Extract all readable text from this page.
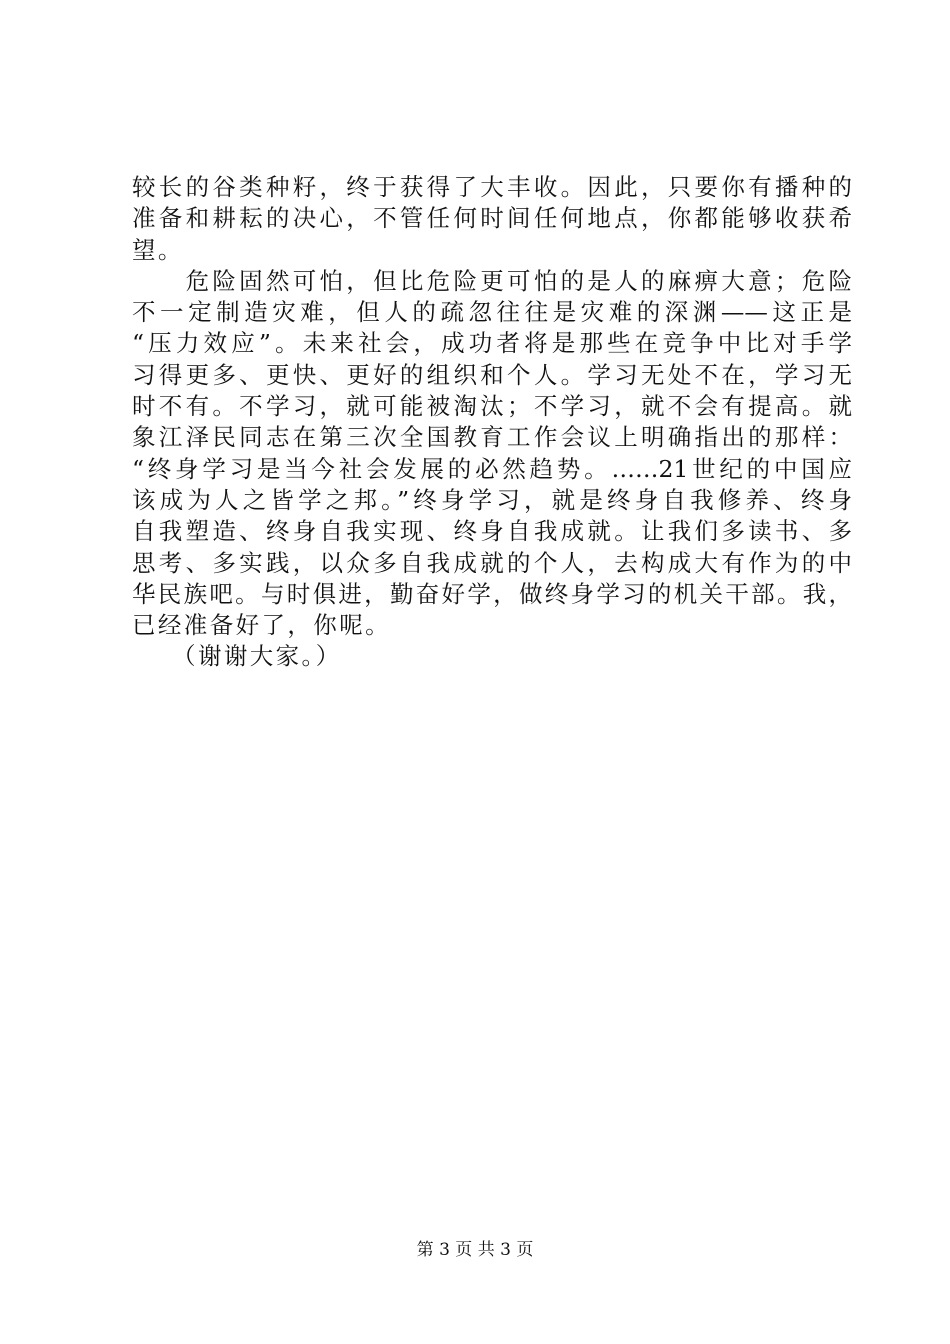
较长的谷类种籽，终于获得了大丰收。因此，只要你有播种的
准备和耕耘的决心，不管任何时间任何地点，你都能够收获希
望。
　　危险固然可怕，但比危险更可怕的是人的麻痹大意；危险
不一定制造灾难，但人的疏忽往往是灾难的深渊——这正是
“压力效应”。未来社会，成功者将是那些在竞争中比对手学
习得更多、更快、更好的组织和个人。学习无处不在，学习无
时不有。不学习，就可能被淘汰；不学习，就不会有提高。就
象江泽民同志在第三次全国教育工作会议上明确指出的那样：
“终身学习是当今社会发展的必然趋势。……21世纪的中国应
该成为人之皆学之邦。”终身学习，就是终身自我修养、终身
自我塑造、终身自我实现、终身自我成就。让我们多读书、多
思考、多实践，以众多自我成就的个人，去构成大有作为的中
华民族吧。与时俱进，勤奋好学，做终身学习的机关干部。我，
已经准备好了，你呢。
　　（谢谢大家。）
第 3 页 共 3 页
